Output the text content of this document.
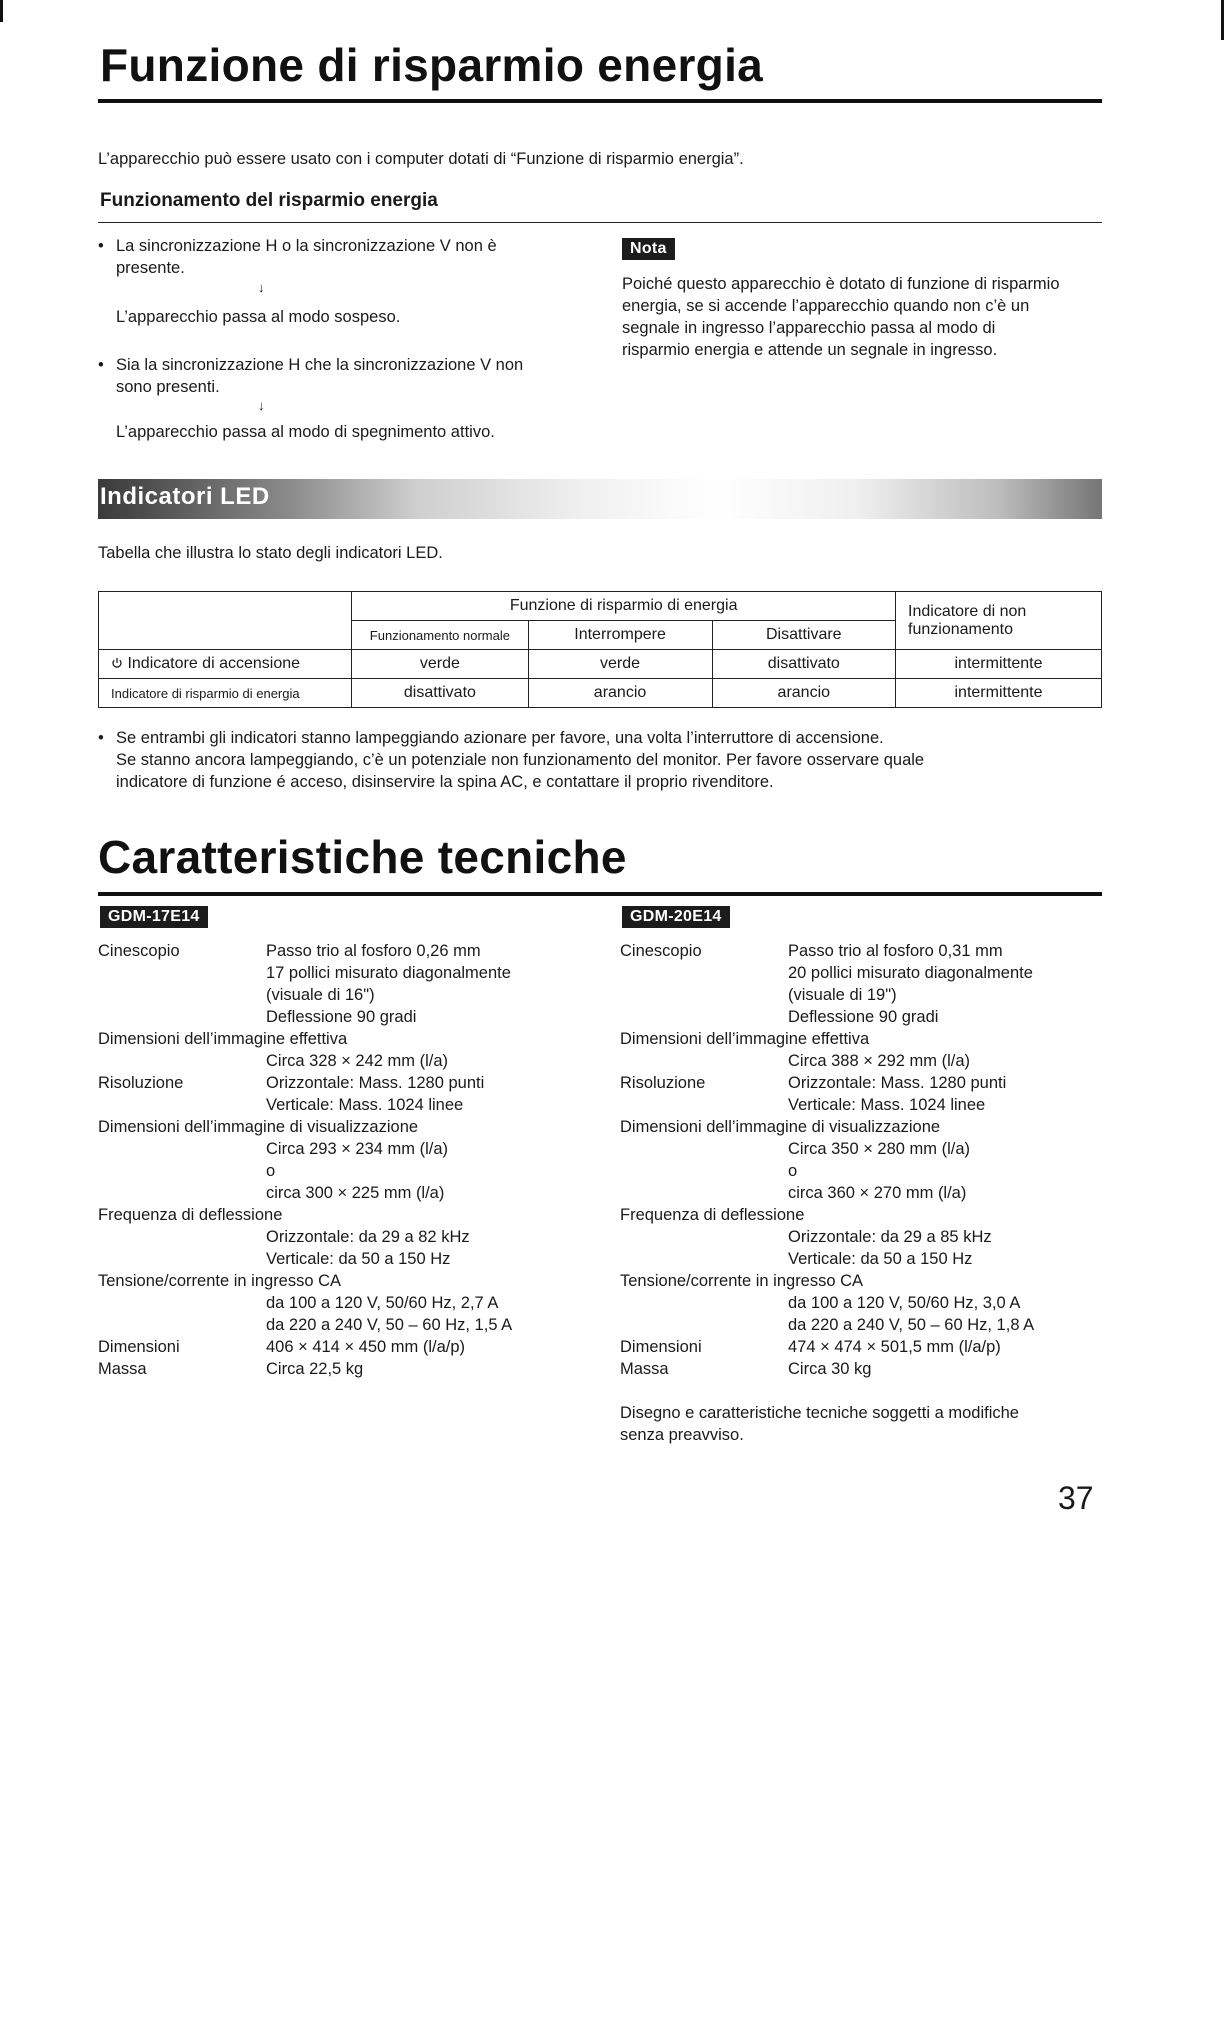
Funzione di risparmio energia
L’apparecchio può essere usato con i computer dotati di “Funzione di risparmio energia”.
Funzionamento del risparmio energia
• La sincronizzazione H o la sincronizzazione V non è
presente.
↓
L’apparecchio passa al modo sospeso.
• Sia la sincronizzazione H che la sincronizzazione V non
sono presenti.
↓
L’apparecchio passa al modo di spegnimento attivo.
Nota
Poiché questo apparecchio è dotato di funzione di risparmio
energia, se si accende l’apparecchio quando non c’è un
segnale in ingresso l’apparecchio passa al modo di
risparmio energia e attende un segnale in ingresso.
Indicatori LED
Tabella che illustra lo stato degli indicatori LED.
	Funzione di risparmio di energia			Indicatore di non
funzionamento

	Funzionamento normale	Interrompere	Disattivare	
Indicatore di accensione	verde	verde	disattivato	intermittente
Indicatore di risparmio di energia	disattivato	arancio	arancio	intermittente
• Se entrambi gli indicatori stanno lampeggiando azionare per favore, una volta l’interruttore di accensione.
Se stanno ancora lampeggiando, c’è un potenziale non funzionamento del monitor. Per favore osservare quale
indicatore di funzione é acceso, disinservire la spina AC, e contattare il proprio rivenditore.
Caratteristiche tecniche
GDM-17E14	GDM-20E14
Cinescopio	Passo trio al fosforo 0,26 mm
17 pollici misurato diagonalmente
(visuale di 16")
Deflessione 90 gradi
Dimensioni dell’immagine effettiva
Circa 328 × 242 mm (l/a)
Risoluzione	Orizzontale: Mass. 1280 punti
Verticale: Mass. 1024 linee
Dimensioni dell’immagine di visualizzazione
Circa 293 × 234 mm (l/a)
o
circa 300 × 225 mm (l/a)
Frequenza di deflessione
Orizzontale: da 29 a 82 kHz
Verticale: da 50 a 150 Hz
Tensione/corrente in ingresso CA
da 100 a 120 V, 50/60 Hz, 2,7 A
da 220 a 240 V, 50 – 60 Hz, 1,5 A
Dimensioni	406 × 414 × 450 mm (l/a/p)
Massa	Circa 22,5 kg
Cinescopio	Passo trio al fosforo 0,31 mm
20 pollici misurato diagonalmente
(visuale di 19")
Deflessione 90 gradi
Dimensioni dell’immagine effettiva
Circa 388 × 292 mm (l/a)
Risoluzione	Orizzontale: Mass. 1280 punti
Verticale: Mass. 1024 linee
Dimensioni dell’immagine di visualizzazione
Circa 350 × 280 mm (l/a)
o
circa 360 × 270 mm (l/a)
Frequenza di deflessione
Orizzontale: da 29 a 85 kHz
Verticale: da 50 a 150 Hz
Tensione/corrente in ingresso CA
da 100 a 120 V, 50/60 Hz, 3,0 A
da 220 a 240 V, 50 – 60 Hz, 1,8 A
Dimensioni	474 × 474 × 501,5 mm (l/a/p)
Massa	Circa 30 kg
Disegno e caratteristiche tecniche soggetti a modifiche
senza preavviso.
37
